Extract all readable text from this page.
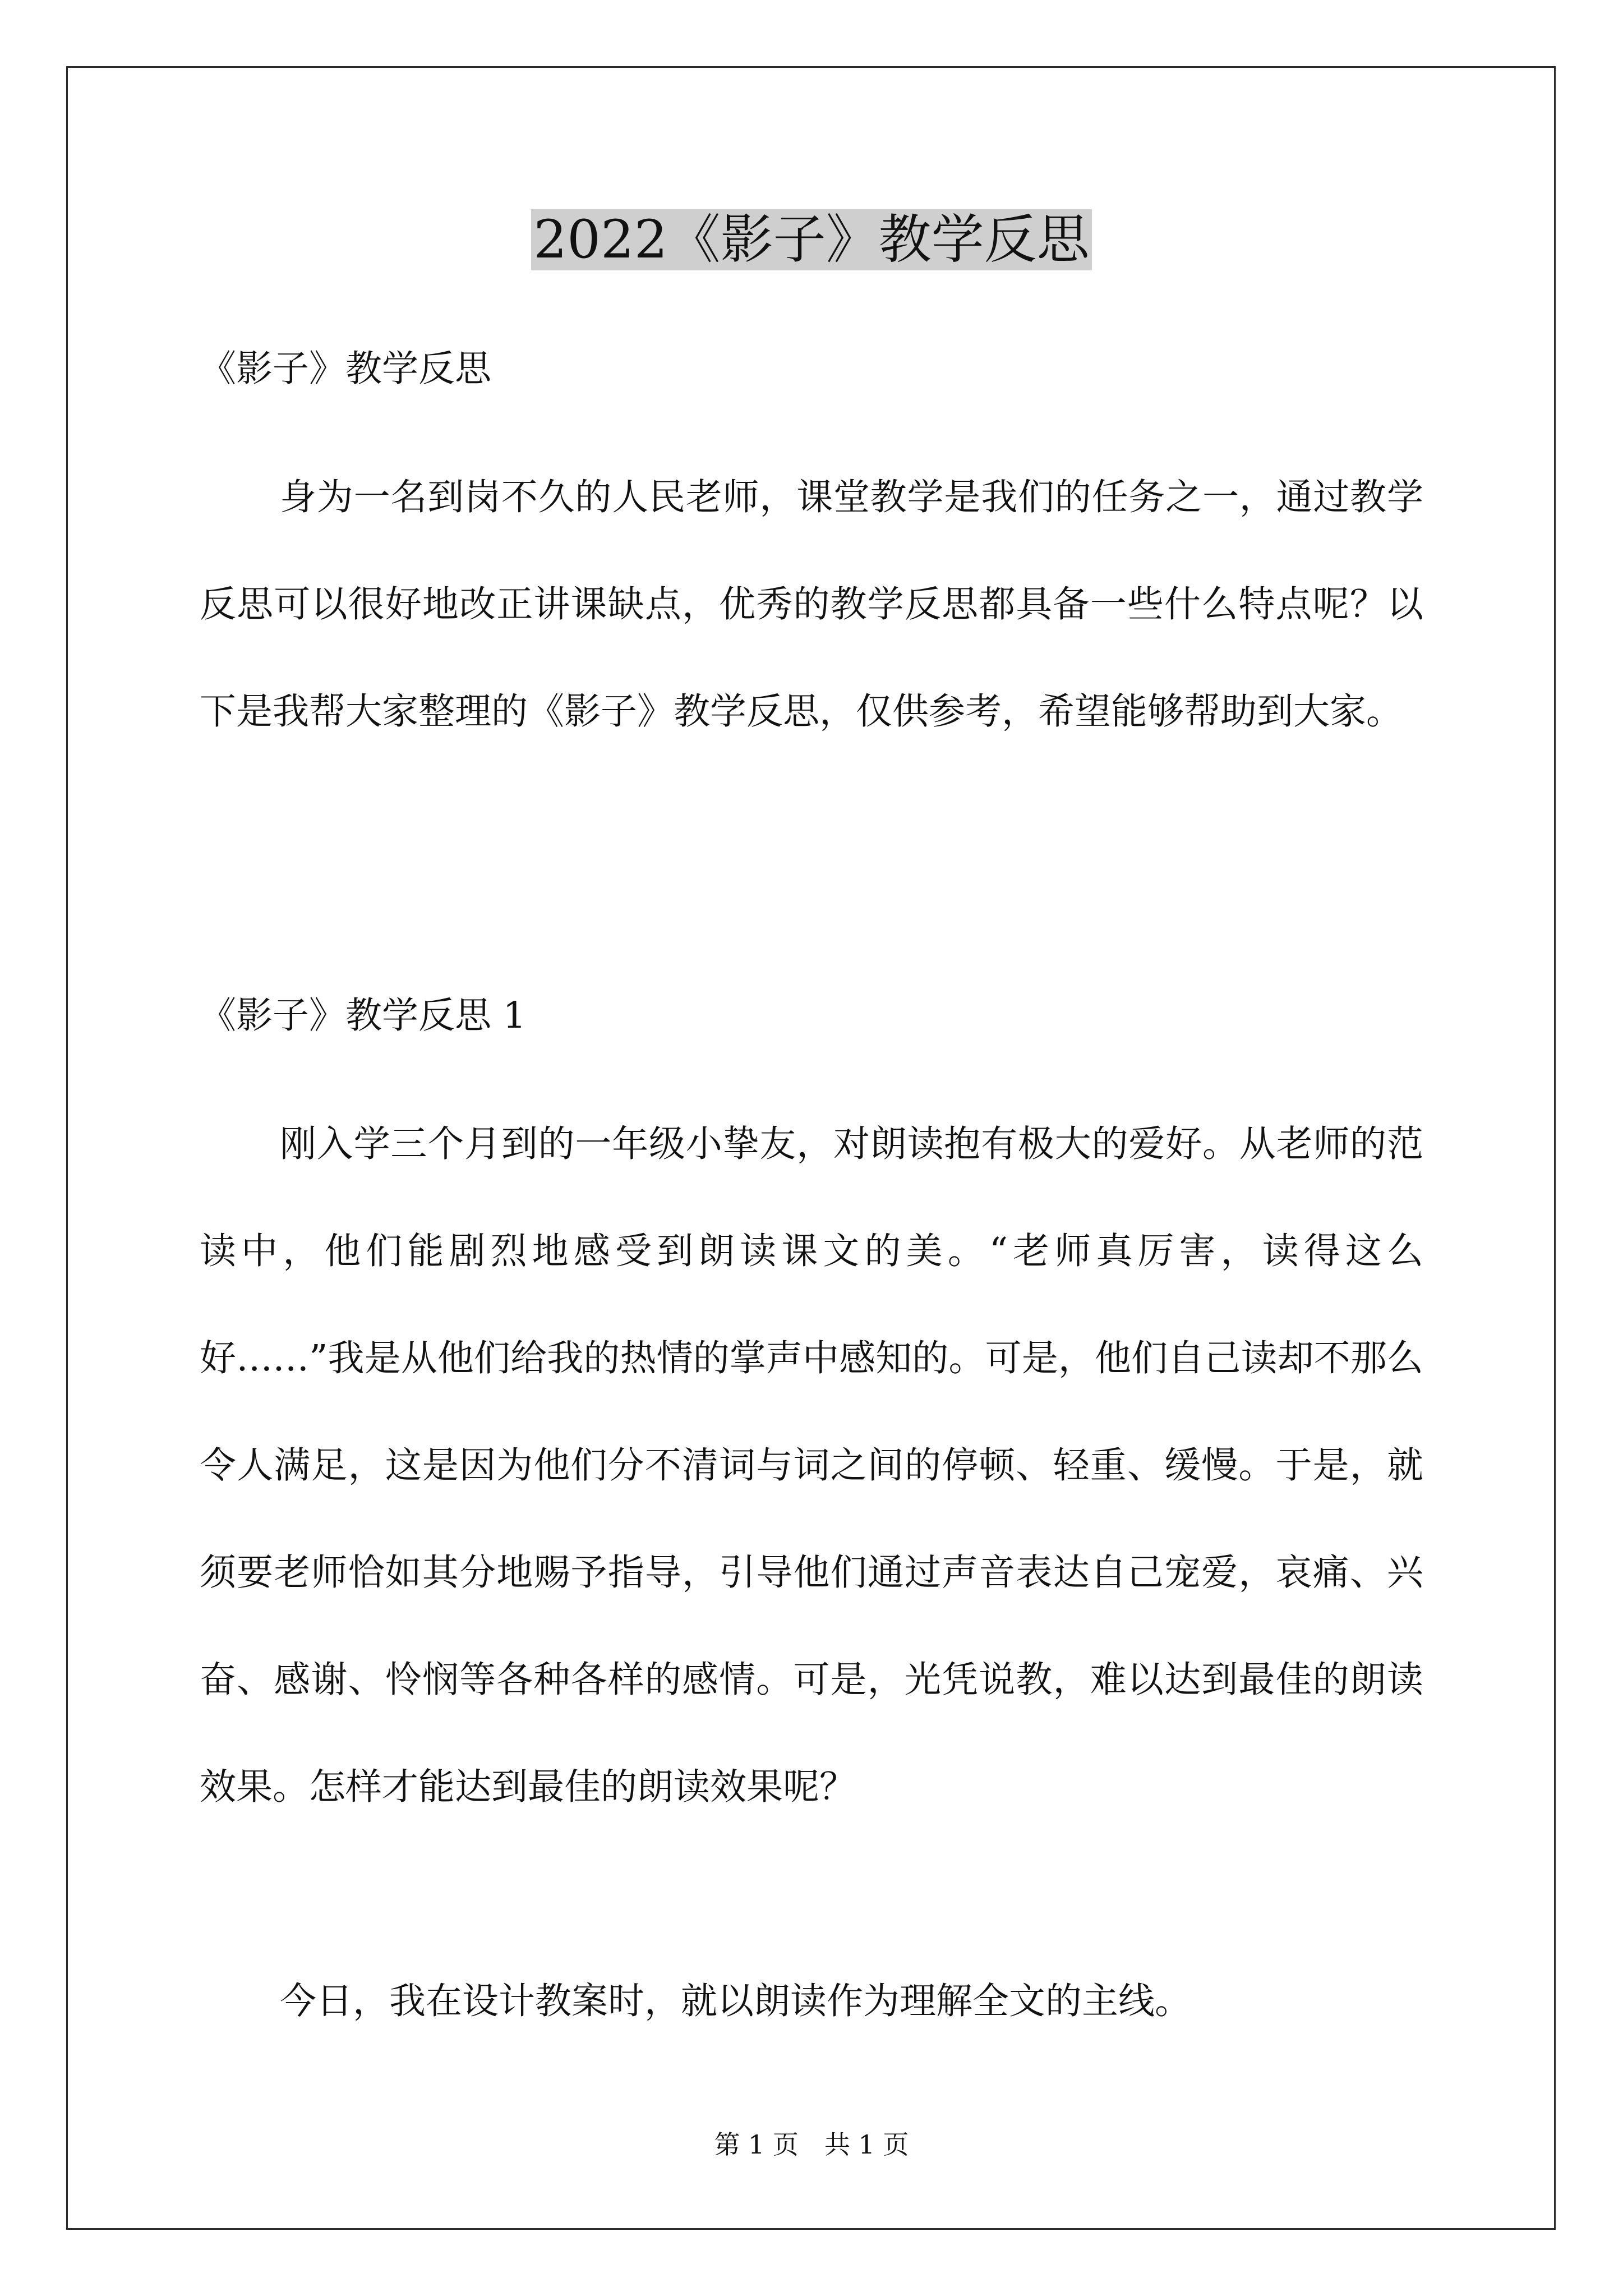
2022《影子》教学反思
《影子》教学反思

身为一名到岗不久的人民老师，课堂教学是我们的任务之一，通过教学反思可以很好地改正讲课缺点，优秀的教学反思都具备一些什么特点呢？以下是我帮大家整理的《影子》教学反思，仅供参考，希望能够帮助到大家。

《影子》教学反思 1

刚入学三个月到的一年级小挚友，对朗读抱有极大的爱好。从老师的范读中，他们能剧烈地感受到朗读课文的美。“老师真厉害，读得这么好……”我是从他们给我的热情的掌声中感知的。可是，他们自己读却不那么令人满足，这是因为他们分不清词与词之间的停顿、轻重、缓慢。于是，就须要老师恰如其分地赐予指导，引导他们通过声音表达自己宠爱，哀痛、兴奋、感谢、怜悯等各种各样的感情。可是，光凭说教，难以达到最佳的朗读效果。怎样才能达到最佳的朗读效果呢？

今日，我在设计教案时，就以朗读作为理解全文的主线。

第 1 页　共 1 页
